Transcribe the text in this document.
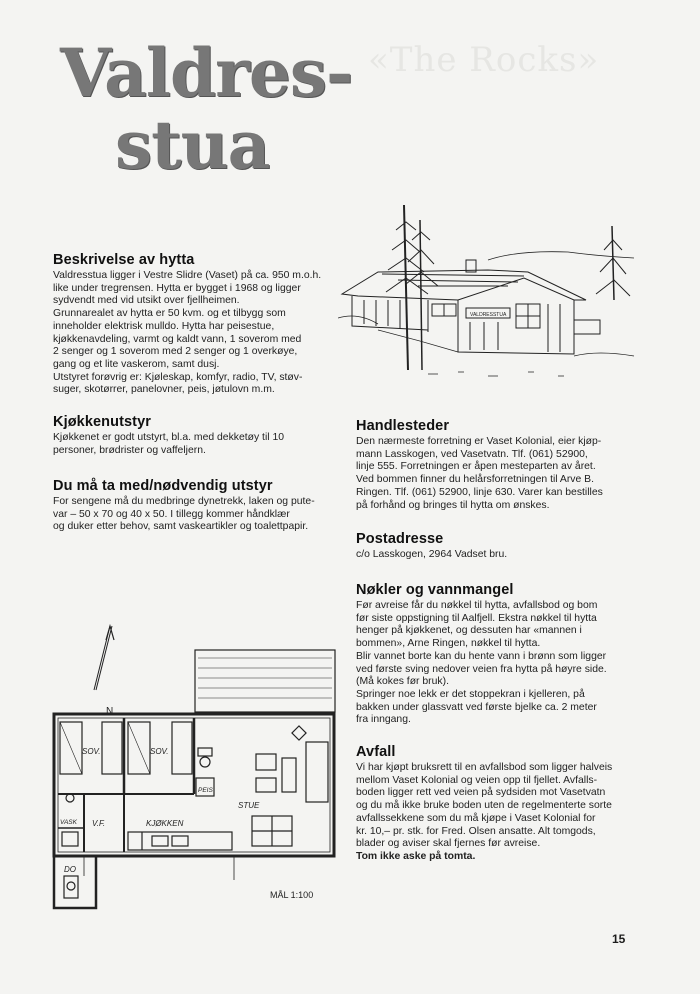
«The Rocks»
Valdres-
stua
VALDRESSTUA
Beskrivelse av hytta

Valdresstua ligger i Vestre Slidre (Vaset) på ca. 950 m.o.h.
like under tregrensen. Hytta er bygget i 1968 og ligger
sydvendt med vid utsikt over fjellheimen.
Grunnarealet av hytta er 50 kvm. og et tilbygg som
inneholder elektrisk mulldo. Hytta har peisestue,
kjøkkenavdeling, varmt og kaldt vann, 1 soverom med
2 senger og 1 soverom med 2 senger og 1 overkøye,
gang og et lite vaskerom, samt dusj.
Utstyret forøvrig er: Kjøleskap, komfyr, radio, TV, støv-
suger, skotørrer, panelovner, peis, jøtulovn m.m.

Kjøkkenutstyr

Kjøkkenet er godt utstyrt, bl.a. med dekketøy til 10
personer, brødrister og vaffeljern.

Du må ta med/nødvendig utstyr

For sengene må du medbringe dynetrekk, laken og pute-
var – 50 x 70 og 40 x 50. I tillegg kommer håndklær
og duker etter behov, samt vaskeartikler og toalettpapir.

Handlesteder

Den nærmeste forretning er Vaset Kolonial, eier kjøp-
mann Lasskogen, ved Vasetvatn. Tlf. (061) 52900,
linje 555. Forretningen er åpen mesteparten av året.
Ved bommen finner du helårsforretningen til Arve B.
Ringen. Tlf. (061) 52900, linje 630. Varer kan bestilles
på forhånd og bringes til hytta om ønskes.

Postadresse

c/o Lasskogen, 2964 Vadset bru.

Nøkler og vannmangel

Før avreise får du nøkkel til hytta, avfallsbod og bom
før siste oppstigning til Aalfjell. Ekstra nøkkel til hytta
henger på kjøkkenet, og dessuten har «mannen i
bommen», Arne Ringen, nøkkel til hytta.
Blir vannet borte kan du hente vann i brønn som ligger
ved første sving nedover veien fra hytta på høyre side.
(Må kokes før bruk).
Springer noe lekk er det stoppekran i kjelleren, på
bakken under glassvatt ved første bjelke ca. 2 meter
fra inngang.

Avfall

Vi har kjøpt bruksrett til en avfallsbod som ligger halveis
mellom Vaset Kolonial og veien opp til fjellet. Avfalls-
boden ligger rett ved veien på sydsiden mot Vasetvatn
og du må ikke bruke boden uten de regelmenterte sorte
avfallssekkene som du må kjøpe i Vaset Kolonial for
kr. 10,– pr. stk. for Fred. Olsen ansatte. Alt tomgods,
blader og aviser skal fjernes før avreise.

Tom ikke aske på tomta.

N
SOV.	SOV.
PEIS
STUE
KJØKKEN
VASK V.F.
DO
MÅL 1:100
15
